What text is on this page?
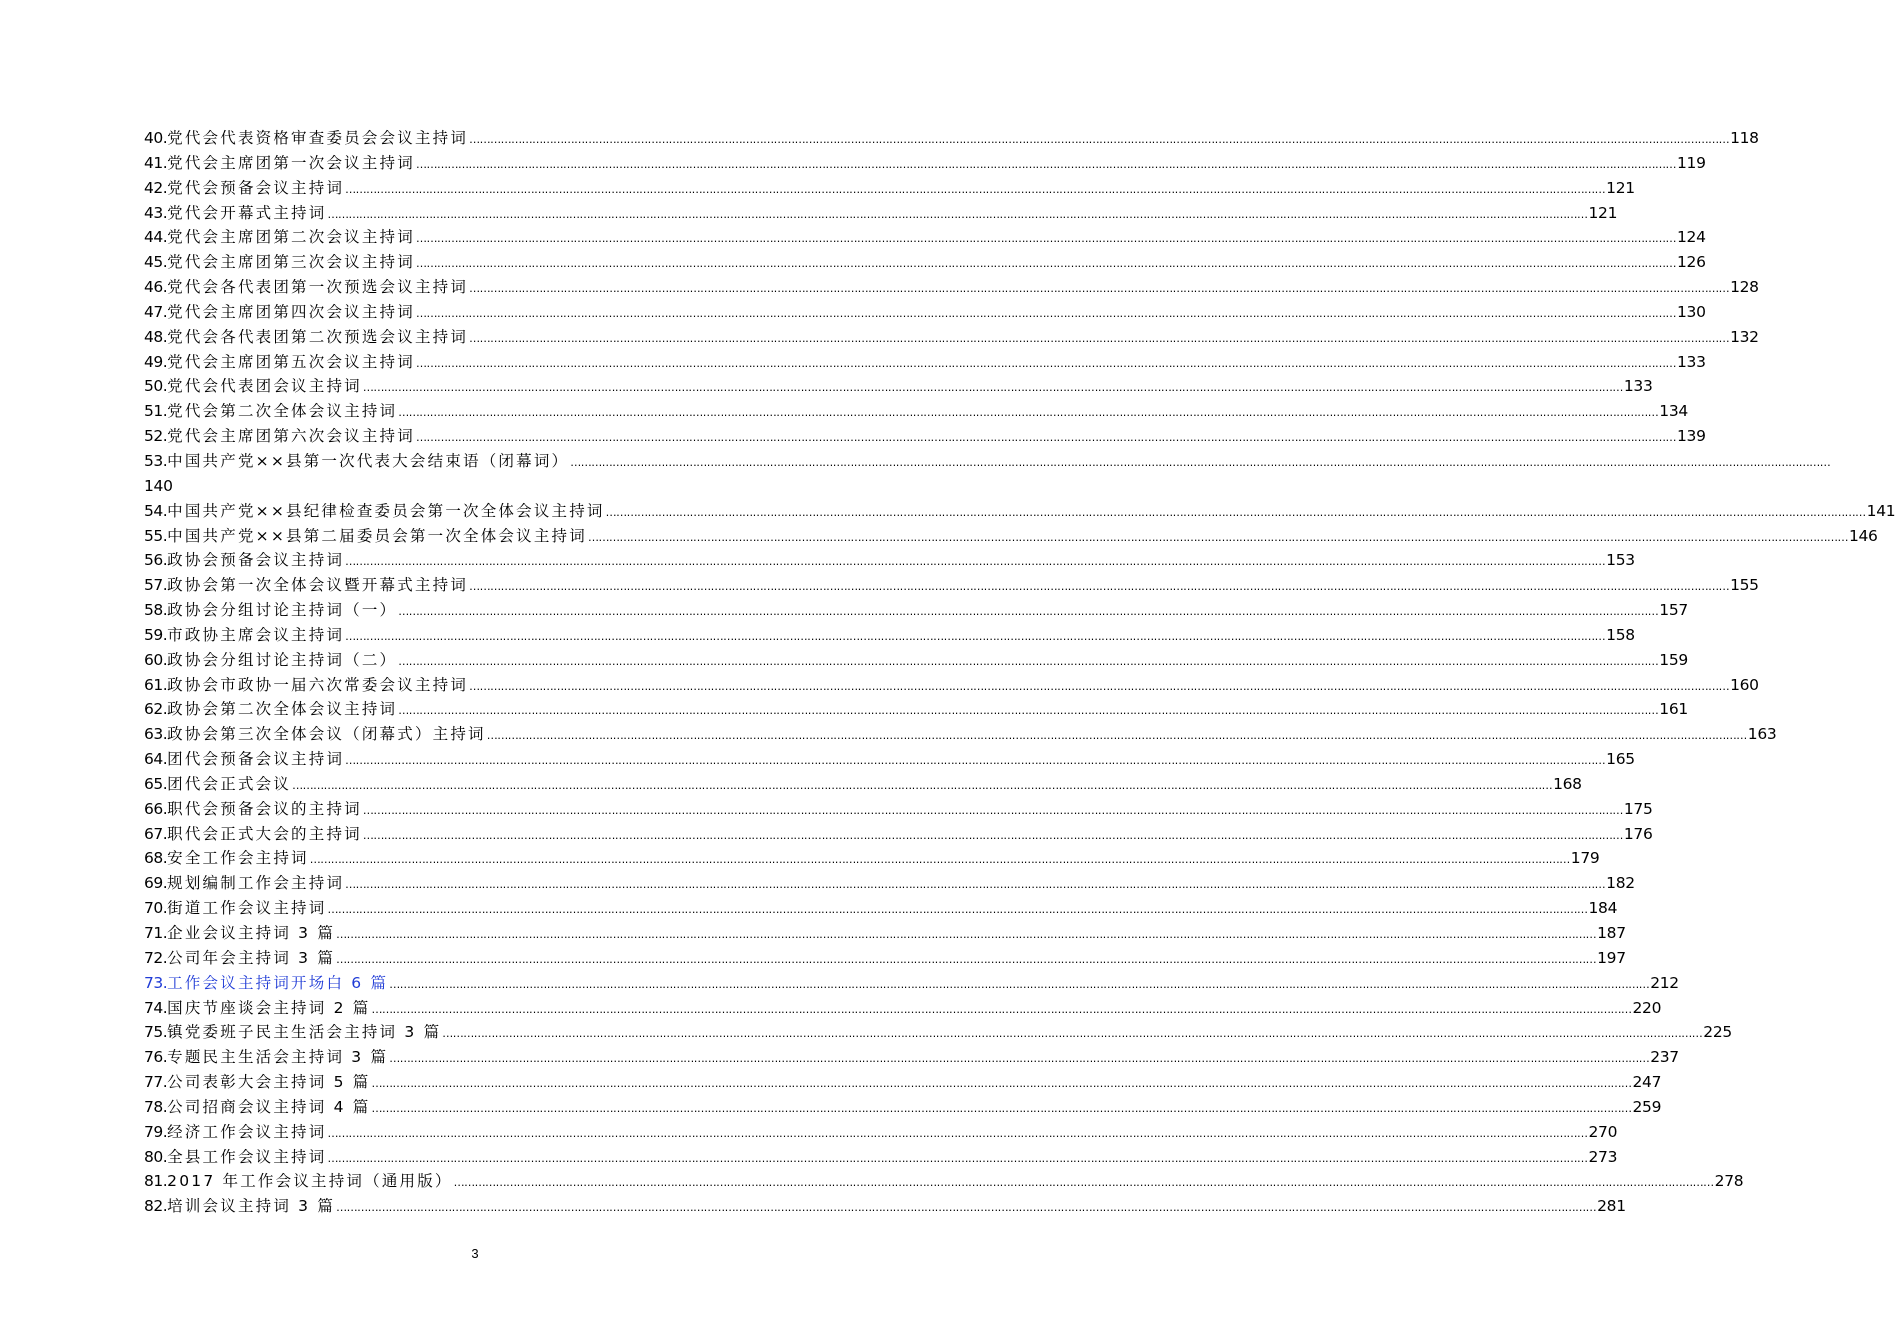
40. 党代会代表资格审查委员会会议主持词 ……………………………………………………………………………………………………………………………………………………………………………………………………………………………………………………………………………………………………………………………… 118
41. 党代会主席团第一次会议主持词 ……………………………………………………………………………………………………………………………………………………………………………………………………………………………………………………………………………………………………………………………… 119
42. 党代会预备会议主持词 ……………………………………………………………………………………………………………………………………………………………………………………………………………………………………………………………………………………………………………………………… 121
43. 党代会开幕式主持词 ……………………………………………………………………………………………………………………………………………………………………………………………………………………………………………………………………………………………………………………………… 121
44. 党代会主席团第二次会议主持词 ……………………………………………………………………………………………………………………………………………………………………………………………………………………………………………………………………………………………………………………………… 124
45. 党代会主席团第三次会议主持词 ……………………………………………………………………………………………………………………………………………………………………………………………………………………………………………………………………………………………………………………………… 126
46. 党代会各代表团第一次预选会议主持词 ……………………………………………………………………………………………………………………………………………………………………………………………………………………………………………………………………………………………………………………………… 128
47. 党代会主席团第四次会议主持词 ……………………………………………………………………………………………………………………………………………………………………………………………………………………………………………………………………………………………………………………………… 130
48. 党代会各代表团第二次预选会议主持词 ……………………………………………………………………………………………………………………………………………………………………………………………………………………………………………………………………………………………………………………………… 132
49. 党代会主席团第五次会议主持词 ……………………………………………………………………………………………………………………………………………………………………………………………………………………………………………………………………………………………………………………………… 133
50. 党代会代表团会议主持词 ……………………………………………………………………………………………………………………………………………………………………………………………………………………………………………………………………………………………………………………………… 133
51. 党代会第二次全体会议主持词 ……………………………………………………………………………………………………………………………………………………………………………………………………………………………………………………………………………………………………………………………… 134
52. 党代会主席团第六次会议主持词 ……………………………………………………………………………………………………………………………………………………………………………………………………………………………………………………………………………………………………………………………… 139
53. 中国共产党××县第一次代表大会结束语（闭幕词） ………………………………………………………………………………………………………………………………………………………………………………………………………………………………………………………………………………………………………………………………
140
54. 中国共产党××县纪律检查委员会第一次全体会议主持词 ……………………………………………………………………………………………………………………………………………………………………………………………………………………………………………………………………………………………………………………………… 141
55. 中国共产党××县第二届委员会第一次全体会议主持词 ……………………………………………………………………………………………………………………………………………………………………………………………………………………………………………………………………………………………………………………………… 146
56. 政协会预备会议主持词 ……………………………………………………………………………………………………………………………………………………………………………………………………………………………………………………………………………………………………………………………… 153
57. 政协会第一次全体会议暨开幕式主持词 ……………………………………………………………………………………………………………………………………………………………………………………………………………………………………………………………………………………………………………………………… 155
58. 政协会分组讨论主持词（一） ……………………………………………………………………………………………………………………………………………………………………………………………………………………………………………………………………………………………………………………………… 157
59. 市政协主席会议主持词 ……………………………………………………………………………………………………………………………………………………………………………………………………………………………………………………………………………………………………………………………… 158
60. 政协会分组讨论主持词（二） ……………………………………………………………………………………………………………………………………………………………………………………………………………………………………………………………………………………………………………………………… 159
61. 政协会市政协一届六次常委会议主持词 ……………………………………………………………………………………………………………………………………………………………………………………………………………………………………………………………………………………………………………………………… 160
62. 政协会第二次全体会议主持词 ……………………………………………………………………………………………………………………………………………………………………………………………………………………………………………………………………………………………………………………………… 161
63. 政协会第三次全体会议（闭幕式）主持词 ……………………………………………………………………………………………………………………………………………………………………………………………………………………………………………………………………………………………………………………………… 163
64. 团代会预备会议主持词 ……………………………………………………………………………………………………………………………………………………………………………………………………………………………………………………………………………………………………………………………… 165
65. 团代会正式会议 ……………………………………………………………………………………………………………………………………………………………………………………………………………………………………………………………………………………………………………………………… 168
66. 职代会预备会议的主持词 ……………………………………………………………………………………………………………………………………………………………………………………………………………………………………………………………………………………………………………………………… 175
67. 职代会正式大会的主持词 ……………………………………………………………………………………………………………………………………………………………………………………………………………………………………………………………………………………………………………………………… 176
68. 安全工作会主持词 ……………………………………………………………………………………………………………………………………………………………………………………………………………………………………………………………………………………………………………………………… 179
69. 规划编制工作会主持词 ……………………………………………………………………………………………………………………………………………………………………………………………………………………………………………………………………………………………………………………………… 182
70. 街道工作会议主持词 ……………………………………………………………………………………………………………………………………………………………………………………………………………………………………………………………………………………………………………………………… 184
71. 企业会议主持词 3 篇 ……………………………………………………………………………………………………………………………………………………………………………………………………………………………………………………………………………………………………………………………… 187
72. 公司年会主持词 3 篇 ……………………………………………………………………………………………………………………………………………………………………………………………………………………………………………………………………………………………………………………………… 197
73. 工作会议主持词开场白 6 篇 ……………………………………………………………………………………………………………………………………………………………………………………………………………………………………………………………………………………………………………………………… 212
74. 国庆节座谈会主持词 2 篇 ……………………………………………………………………………………………………………………………………………………………………………………………………………………………………………………………………………………………………………………………… 220
75. 镇党委班子民主生活会主持词 3 篇 ……………………………………………………………………………………………………………………………………………………………………………………………………………………………………………………………………………………………………………………………… 225
76. 专题民主生活会主持词 3 篇 ……………………………………………………………………………………………………………………………………………………………………………………………………………………………………………………………………………………………………………………………… 237
77. 公司表彰大会主持词 5 篇 ……………………………………………………………………………………………………………………………………………………………………………………………………………………………………………………………………………………………………………………………… 247
78. 公司招商会议主持词 4 篇 ……………………………………………………………………………………………………………………………………………………………………………………………………………………………………………………………………………………………………………………………… 259
79. 经济工作会议主持词 ……………………………………………………………………………………………………………………………………………………………………………………………………………………………………………………………………………………………………………………………… 270
80. 全县工作会议主持词 ……………………………………………………………………………………………………………………………………………………………………………………………………………………………………………………………………………………………………………………………… 273
81. 2017 年工作会议主持词（通用版） ……………………………………………………………………………………………………………………………………………………………………………………………………………………………………………………………………………………………………………………………… 278
82. 培训会议主持词 3 篇 ……………………………………………………………………………………………………………………………………………………………………………………………………………………………………………………………………………………………………………………………… 281
3
